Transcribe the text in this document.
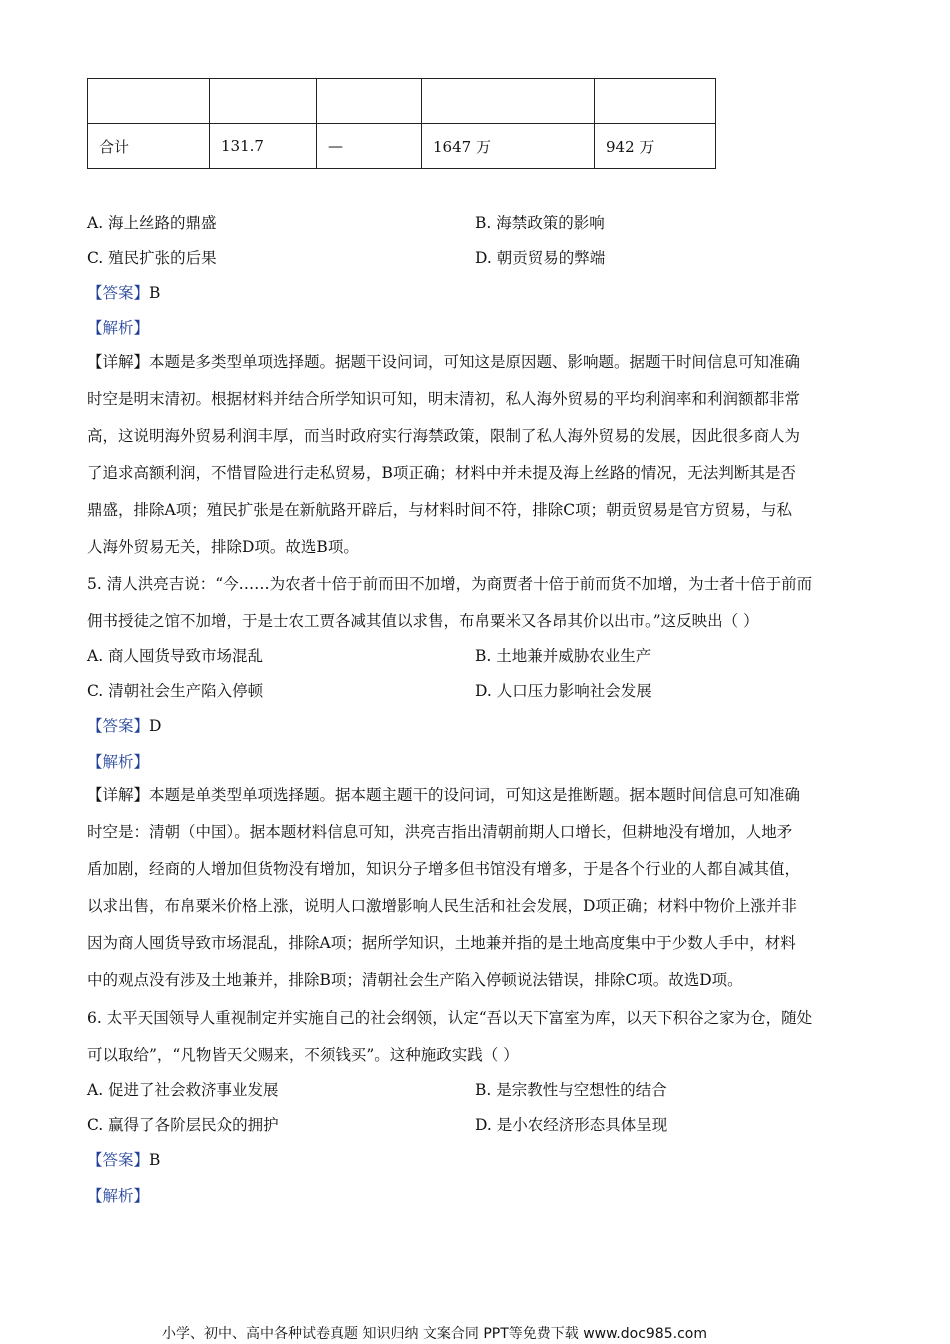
合计	131.7	—	1647 万	942 万
A. 海上丝路的鼎盛	B. 海禁政策的影响
C. 殖民扩张的后果	D. 朝贡贸易的弊端
【答案】B
【解析】
【详解】本题是多类型单项选择题。据题干设问词，可知这是原因题、影响题。据题干时间信息可知准确
时空是明末清初。根据材料并结合所学知识可知，明末清初，私人海外贸易的平均利润率和利润额都非常
高，这说明海外贸易利润丰厚，而当时政府实行海禁政策，限制了私人海外贸易的发展，因此很多商人为
了追求高额利润，不惜冒险进行走私贸易，B项正确；材料中并未提及海上丝路的情况，无法判断其是否
鼎盛，排除A项；殖民扩张是在新航路开辟后，与材料时间不符，排除C项；朝贡贸易是官方贸易，与私
人海外贸易无关，排除D项。故选B项。
5. 清人洪亮吉说：“今……为农者十倍于前而田不加增，为商贾者十倍于前而货不加增，为士者十倍于前而
佣书授徒之馆不加增，于是士农工贾各减其值以求售，布帛粟米又各昂其价以出市。”这反映出（ ）
A. 商人囤货导致市场混乱	B. 土地兼并威胁农业生产
C. 清朝社会生产陷入停顿	D. 人口压力影响社会发展
【答案】D
【解析】
【详解】本题是单类型单项选择题。据本题主题干的设问词，可知这是推断题。据本题时间信息可知准确
时空是：清朝（中国）。据本题材料信息可知，洪亮吉指出清朝前期人口增长，但耕地没有增加，人地矛
盾加剧，经商的人增加但货物没有增加，知识分子增多但书馆没有增多，于是各个行业的人都自减其值，
以求出售，布帛粟米价格上涨，说明人口激增影响人民生活和社会发展，D项正确；材料中物价上涨并非
因为商人囤货导致市场混乱，排除A项；据所学知识，土地兼并指的是土地高度集中于少数人手中，材料
中的观点没有涉及土地兼并，排除B项；清朝社会生产陷入停顿说法错误，排除C项。故选D项。
6. 太平天国领导人重视制定并实施自己的社会纲领，认定“吾以天下富室为库，以天下积谷之家为仓，随处
可以取给”，“凡物皆天父赐来，不须钱买”。这种施政实践（ ）
A. 促进了社会救济事业发展	B. 是宗教性与空想性的结合
C. 赢得了各阶层民众的拥护	D. 是小农经济形态具体呈现
【答案】B
【解析】
小学、初中、高中各种试卷真题 知识归纳 文案合同 PPT等免费下载 www.doc985.com
